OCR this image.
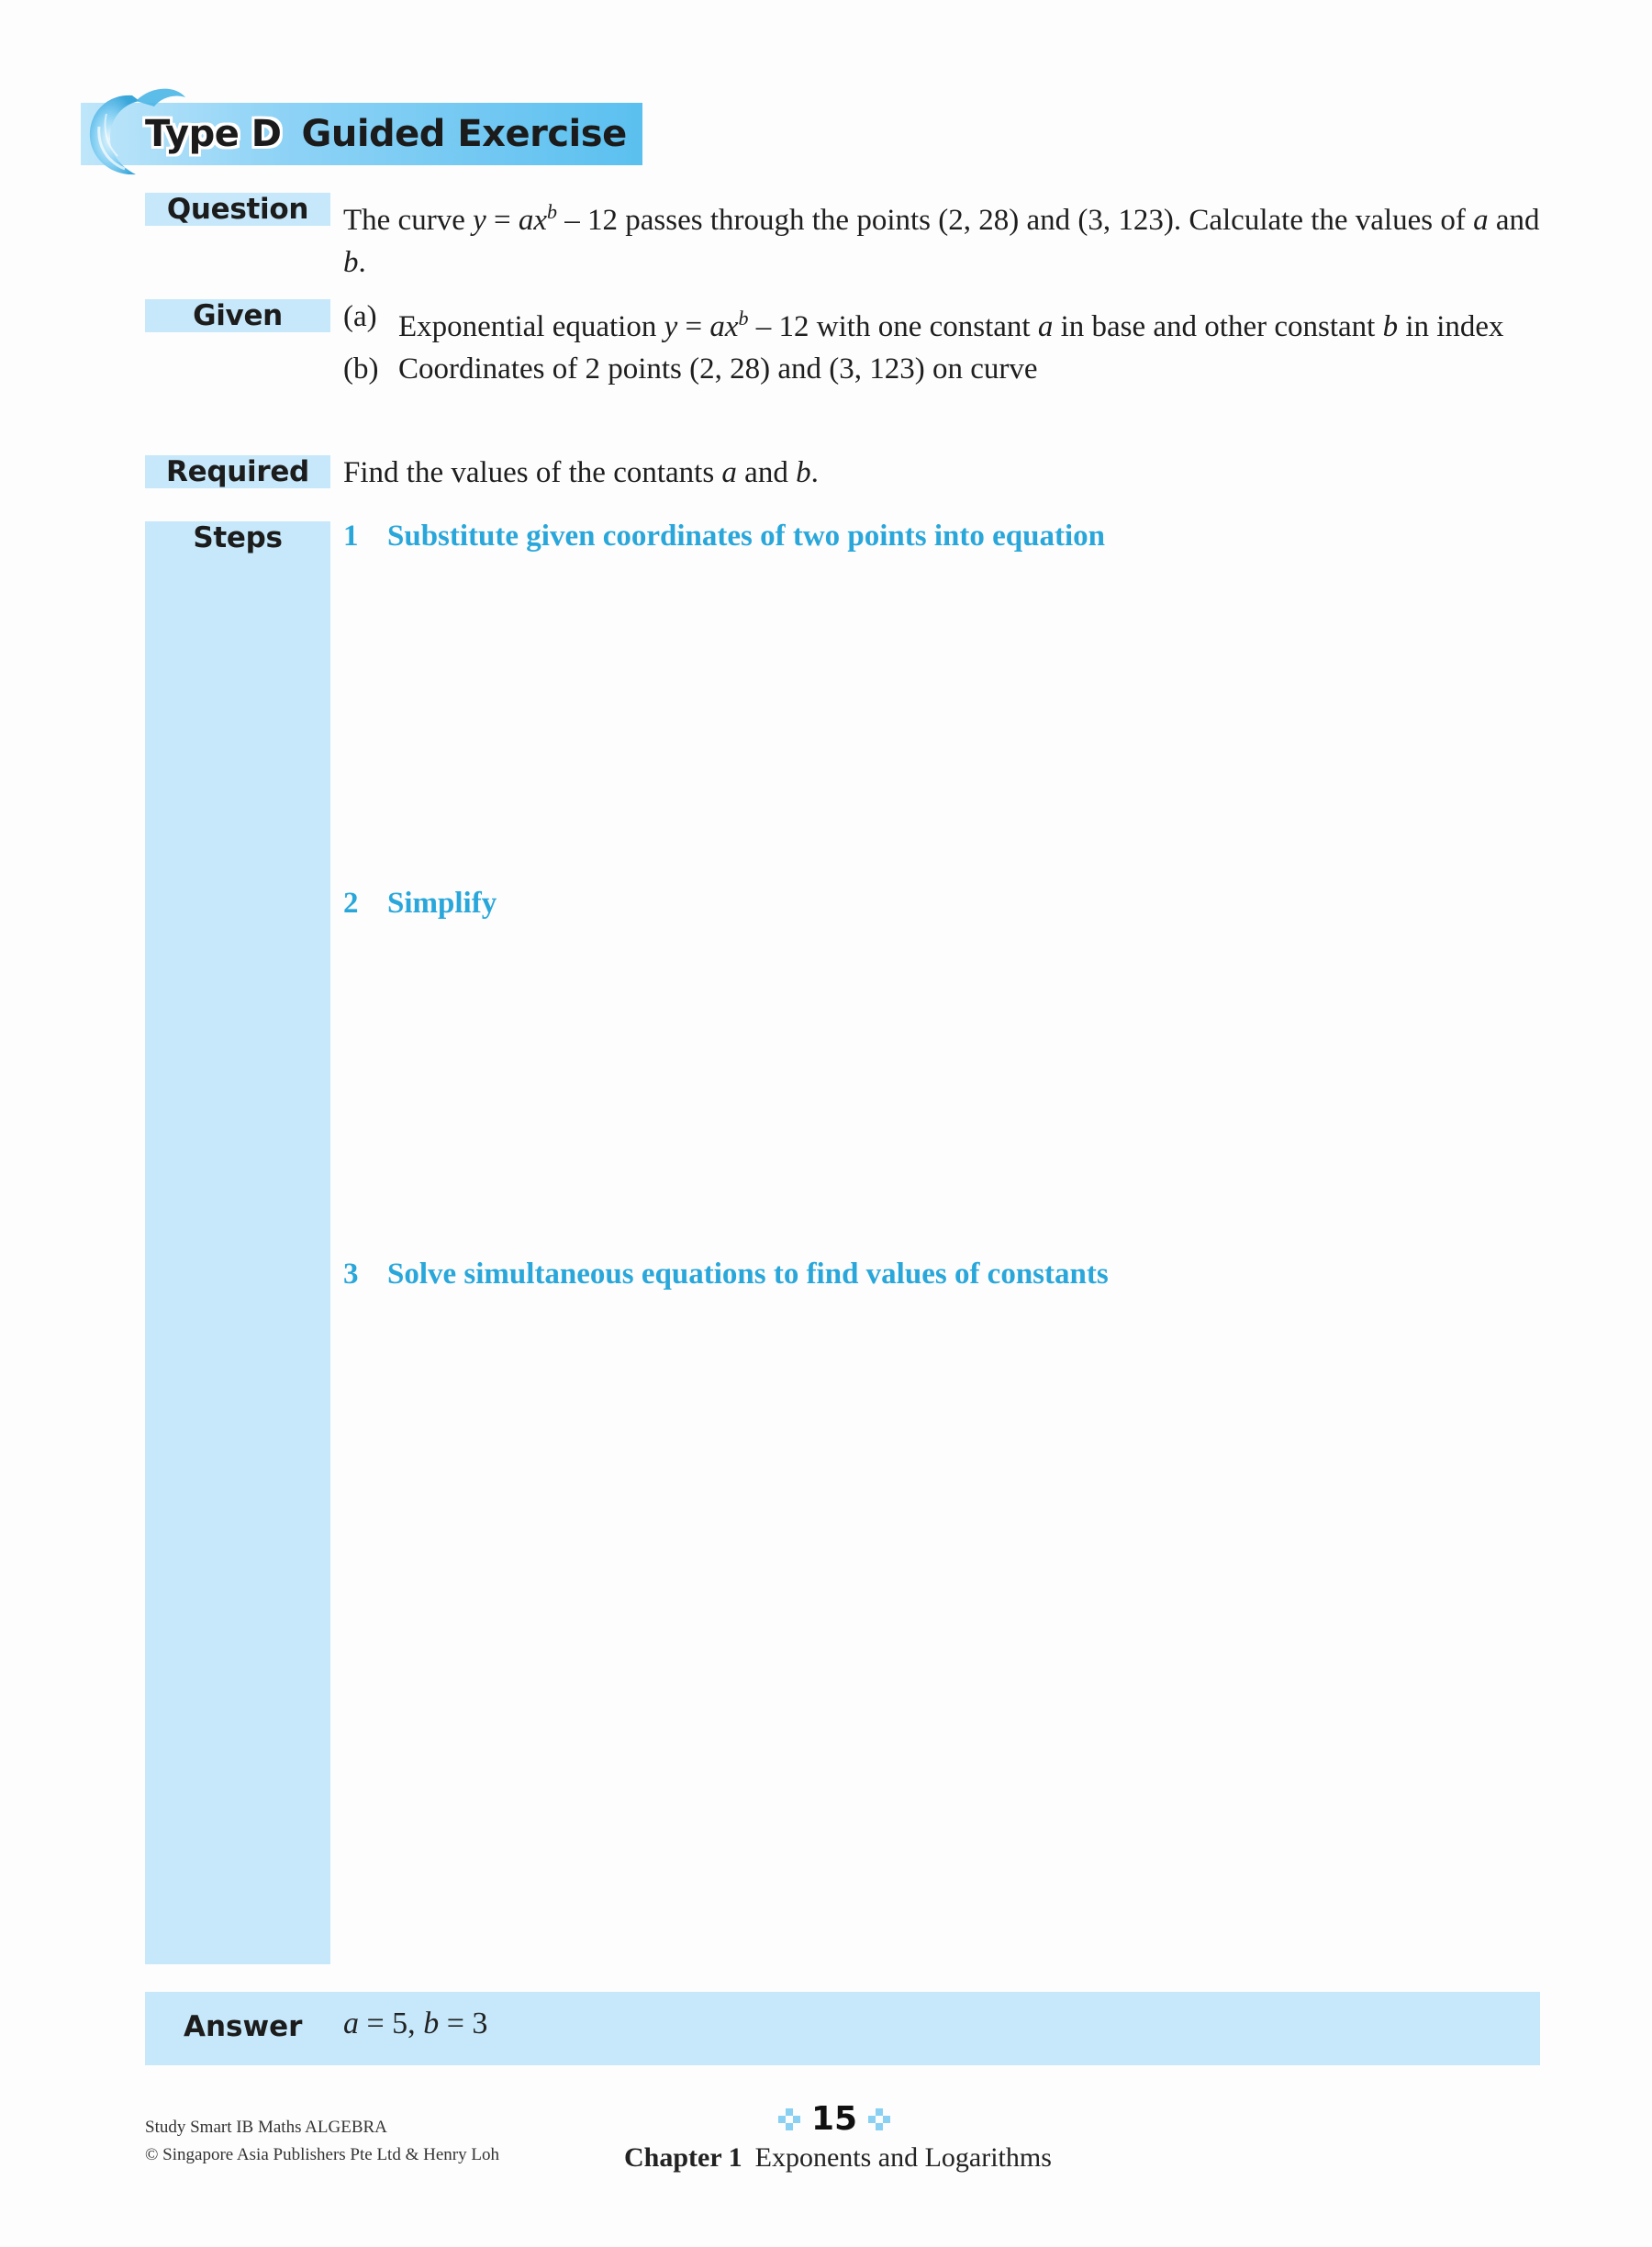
Type D Guided Exercise
Question	The curve $y = ax^b - 12$ passes through the points (2, 28) and (3, 123). Calculate the values of a and b.
Given	(a) Exponential equation $y = ax^b - 12$ with one constant a in base and other constant b in index
(b) Coordinates of 2 points (2, 28) and (3, 123) on curve
Required	Find the values of the contants a and b.
Steps	1 Substitute given coordinates of two points into equation
2 Simplify
3 Solve simultaneous equations to find values of constants
Answer a = 5, b = 3
Study Smart IB Maths ALGEBRA
© Singapore Asia Publishers Pte Ltd & Henry Loh
15
Chapter 1 Exponents and Logarithms
